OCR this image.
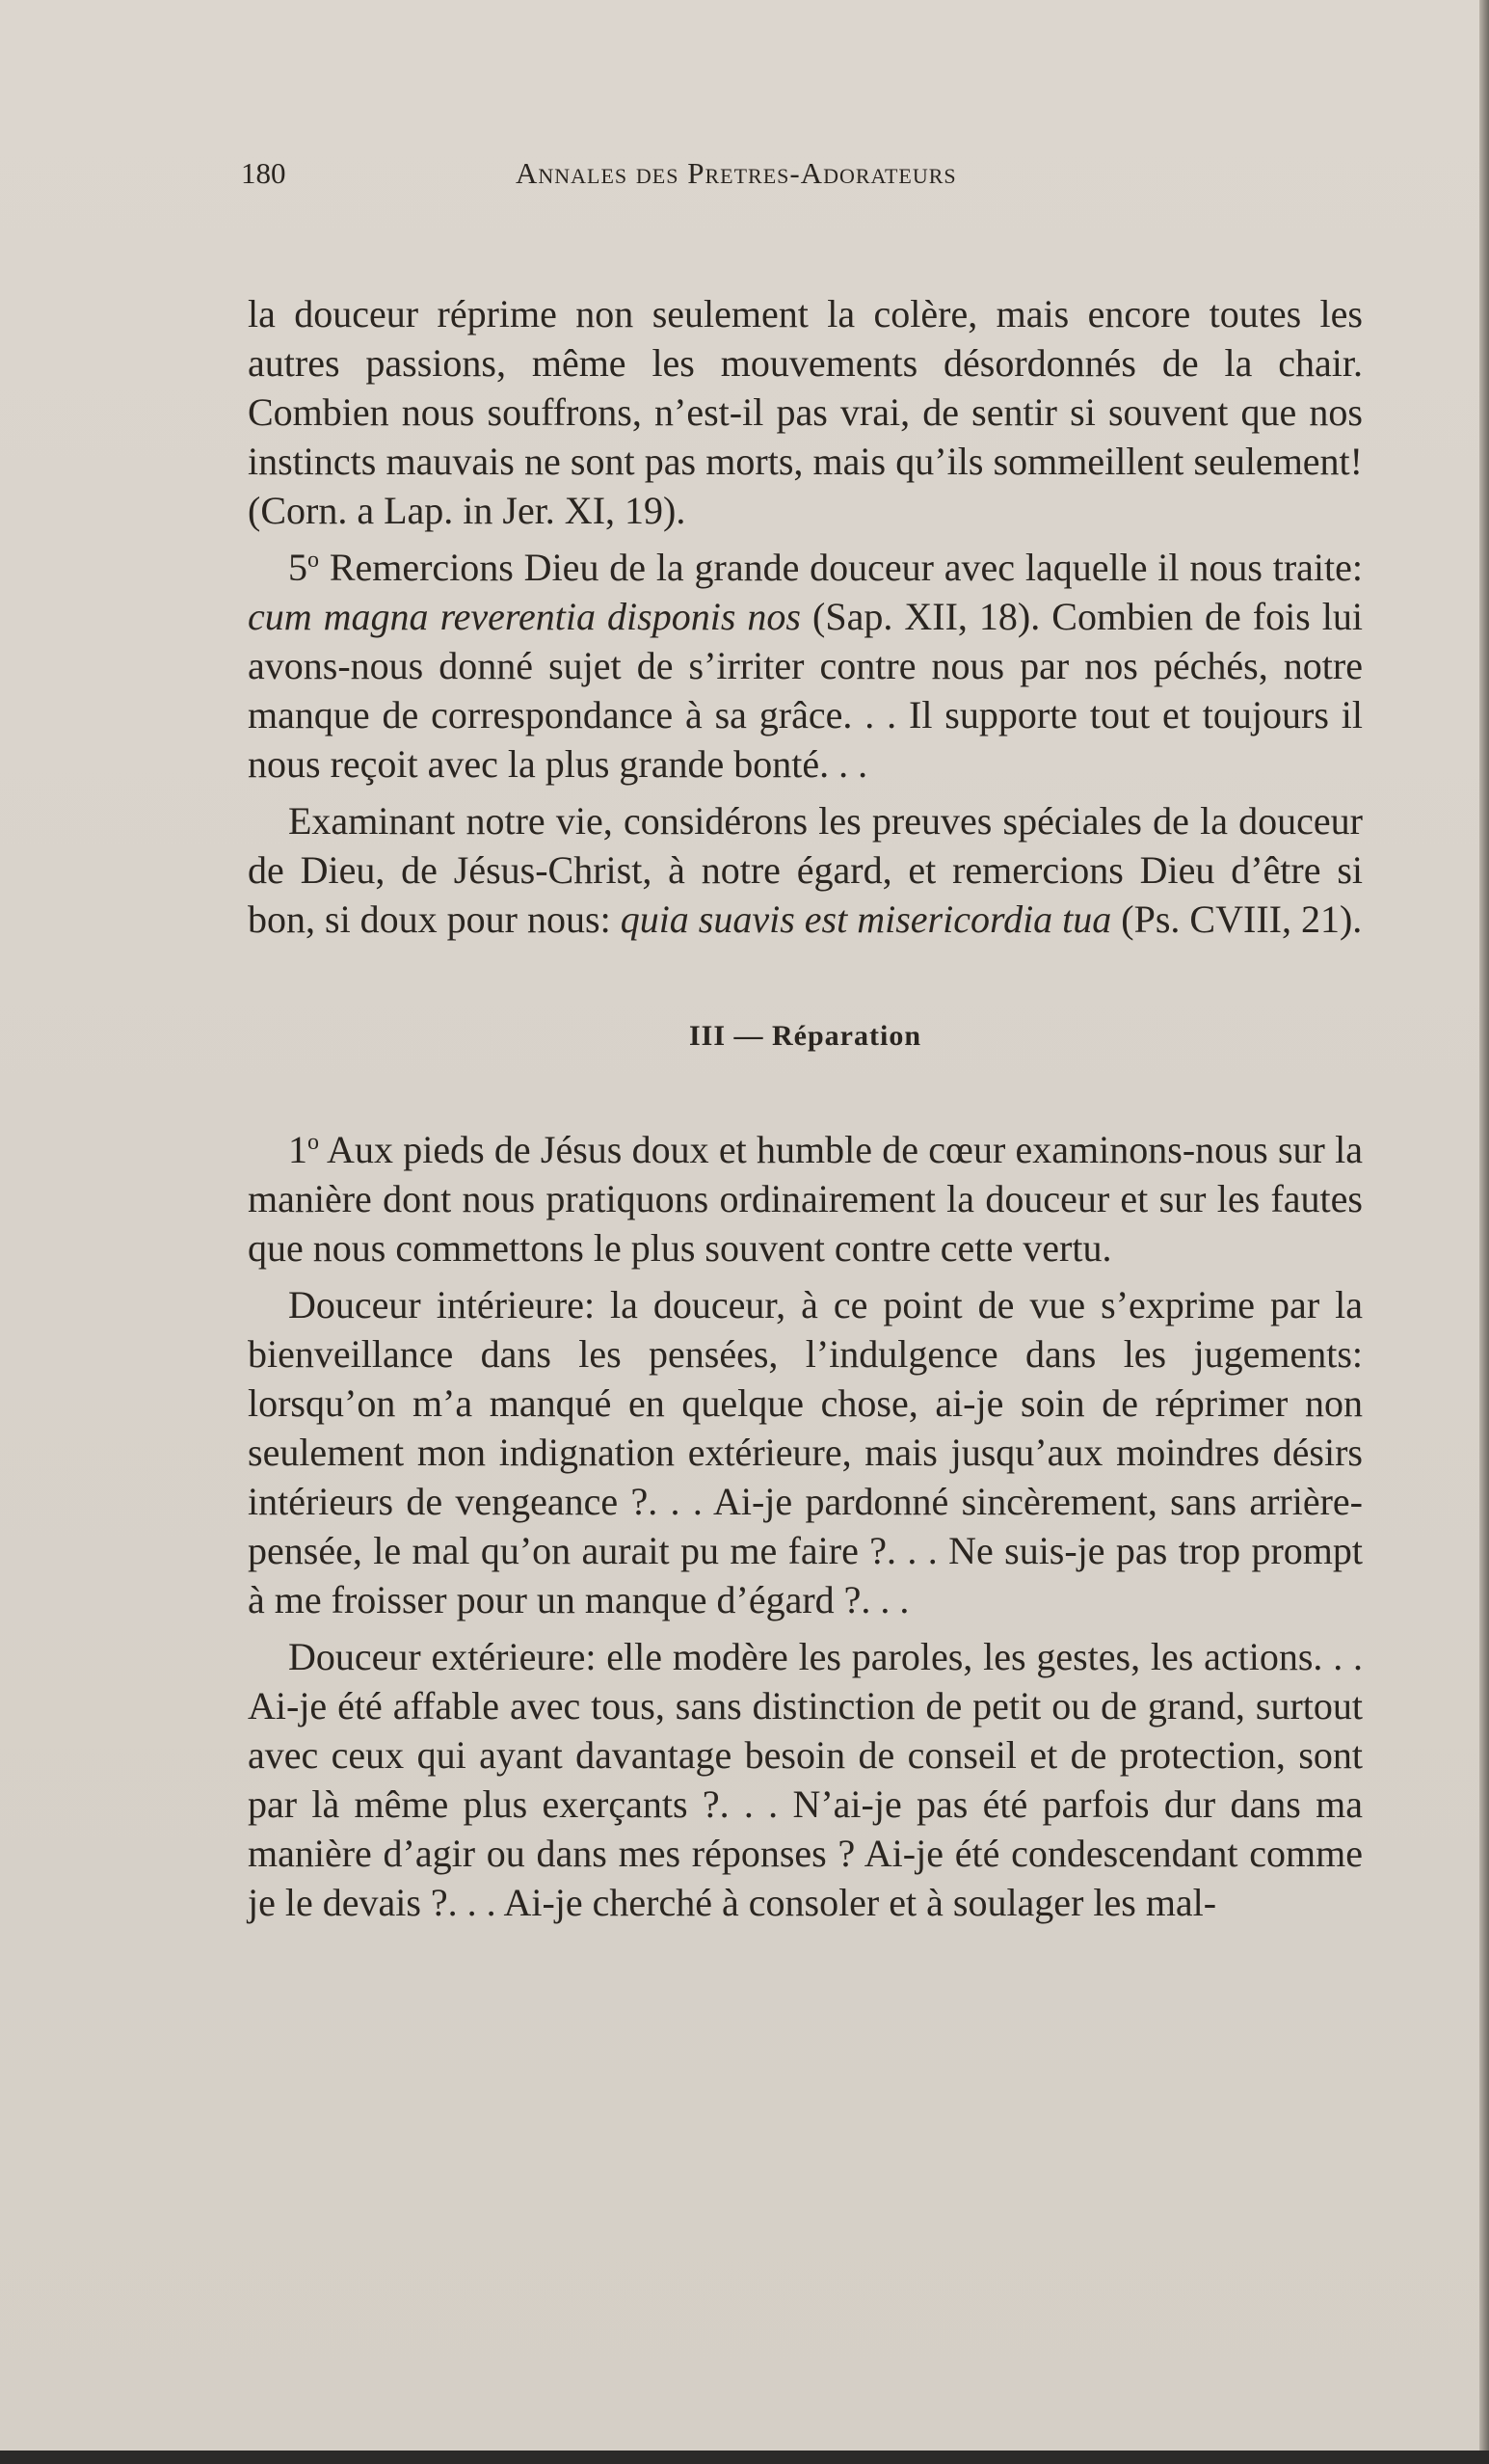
180	Annales des Pretres-Adorateurs

la douceur réprime non seulement la colère, mais encore toutes les autres passions, même les mouvements désordonnés de la chair. Combien nous souffrons, n’est-il pas vrai, de sentir si souvent que nos instincts mauvais ne sont pas morts, mais qu’ils sommeillent seulement! (Corn. a Lap. in Jer. XI, 19).

5$^o$ Remercions Dieu de la grande douceur avec laquelle il nous traite: cum magna reverentia disponis nos (Sap. XII, 18). Combien de fois lui avons-nous donné sujet de s’irriter contre nous par nos péchés, notre manque de correspondance à sa grâce. . . Il supporte tout et toujours il nous reçoit avec la plus grande bonté. . .

Examinant notre vie, considérons les preuves spéciales de la douceur de Dieu, de Jésus-Christ, à notre égard, et remercions Dieu d’être si bon, si doux pour nous: quia suavis est misericordia tua (Ps. CVIII, 21).

III — Réparation

1$^o$ Aux pieds de Jésus doux et humble de cœur examinons-nous sur la manière dont nous pratiquons ordinairement la douceur et sur les fautes que nous commettons le plus souvent contre cette vertu.

Douceur intérieure: la douceur, à ce point de vue s’exprime par la bienveillance dans les pensées, l’indulgence dans les jugements: lorsqu’on m’a manqué en quelque chose, ai-je soin de réprimer non seulement mon indignation extérieure, mais jusqu’aux moindres désirs intérieurs de vengeance ?. . . Ai-je pardonné sincèrement, sans arrière-pensée, le mal qu’on aurait pu me faire ?. . . Ne suis-je pas trop prompt à me froisser pour un manque d’égard ?. . .

Douceur extérieure: elle modère les paroles, les gestes, les actions. . . Ai-je été affable avec tous, sans distinction de petit ou de grand, surtout avec ceux qui ayant davantage besoin de conseil et de protection, sont par là même plus exerçants ?. . . N’ai-je pas été parfois dur dans ma manière d’agir ou dans mes réponses ? Ai-je été condescendant comme je le devais ?. . . Ai-je cherché à consoler et à soulager les mal-
